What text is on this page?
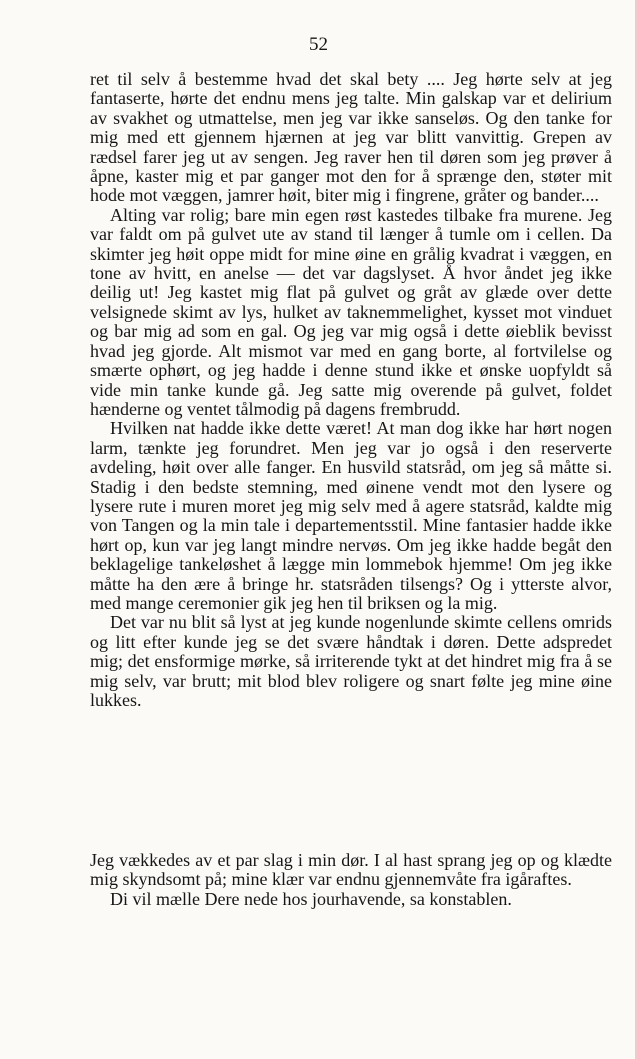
52

ret til selv å bestemme hvad det skal bety .... Jeg hørte selv at jeg fantaserte, hørte det endnu mens jeg talte. Min galskap var et delirium av svakhet og utmattelse, men jeg var ikke sanseløs. Og den tanke for mig med ett gjennem hjærnen at jeg var blitt vanvittig. Grepen av rædsel farer jeg ut av sengen. Jeg raver hen til døren som jeg prøver å åpne, kaster mig et par ganger mot den for å sprænge den, støter mit hode mot væggen, jamrer høit, biter mig i fingrene, gråter og bander....

Alting var rolig; bare min egen røst kastedes tilbake fra murene. Jeg var faldt om på gulvet ute av stand til længer å tumle om i cellen. Da skimter jeg høit oppe midt for mine øine en grålig kvadrat i væggen, en tone av hvitt, en anelse — det var dagslyset. Å hvor åndet jeg ikke deilig ut! Jeg kastet mig flat på gulvet og gråt av glæde over dette velsignede skimt av lys, hulket av taknemmelighet, kysset mot vinduet og bar mig ad som en gal. Og jeg var mig også i dette øieblik bevisst hvad jeg gjorde. Alt mismot var med en gang borte, al fortvilelse og smærte ophørt, og jeg hadde i denne stund ikke et ønske uopfyldt så vide min tanke kunde gå. Jeg satte mig overende på gulvet, foldet hænderne og ventet tålmodig på dagens frembrudd.

Hvilken nat hadde ikke dette været! At man dog ikke har hørt nogen larm, tænkte jeg forundret. Men jeg var jo også i den reserverte avdeling, høit over alle fanger. En husvild statsråd, om jeg så måtte si. Stadig i den bedste stemning, med øinene vendt mot den lysere og lysere rute i muren moret jeg mig selv med å agere statsråd, kaldte mig von Tangen og la min tale i departementsstil. Mine fantasier hadde ikke hørt op, kun var jeg langt mindre nervøs. Om jeg ikke hadde begåt den beklagelige tankeløshet å lægge min lommebok hjemme! Om jeg ikke måtte ha den ære å bringe hr. statsråden tilsengs? Og i ytterste alvor, med mange ceremonier gik jeg hen til briksen og la mig.

Det var nu blit så lyst at jeg kunde nogenlunde skimte cellens omrids og litt efter kunde jeg se det svære håndtak i døren. Dette adspredet mig; det ensformige mørke, så irriterende tykt at det hindret mig fra å se mig selv, var brutt; mit blod blev roligere og snart følte jeg mine øine lukkes.

Jeg vækkedes av et par slag i min dør. I al hast sprang jeg op og klædte mig skyndsomt på; mine klær var endnu gjennemvåte fra igåraftes.

Di vil mælle Dere nede hos jourhavende, sa konstablen.
